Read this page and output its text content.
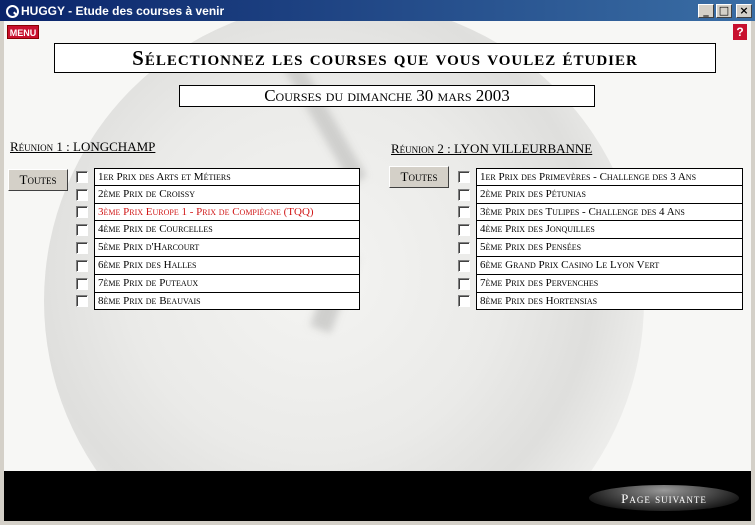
HUGGY - Etude des courses à venir	_ □ ×
MENU	?
Sélectionnez les courses que vous voulez étudier
Courses du dimanche 30 mars 2003
Réunion 1 : LONGCHAMP
Toutes	1er Prix des Arts et Métiers
2ème Prix de Croissy
3ème Prix Europe 1 - Prix de Compiègne (TQQ)
4ème Prix de Courcelles
5ème Prix d'Harcourt
6ème Prix des Halles
7ème Prix de Puteaux
8ème Prix de Beauvais
Réunion 2 : LYON VILLEURBANNE
Toutes	1er Prix des Primevères - Challenge des 3 Ans
2ème Prix des Pétunias
3ème Prix des Tulipes - Challenge des 4 Ans
4ème Prix des Jonquilles
5ème Prix des Pensées
6ème Grand Prix Casino Le Lyon Vert
7ème Prix des Pervenches
8ème Prix des Hortensias
Page suivante
